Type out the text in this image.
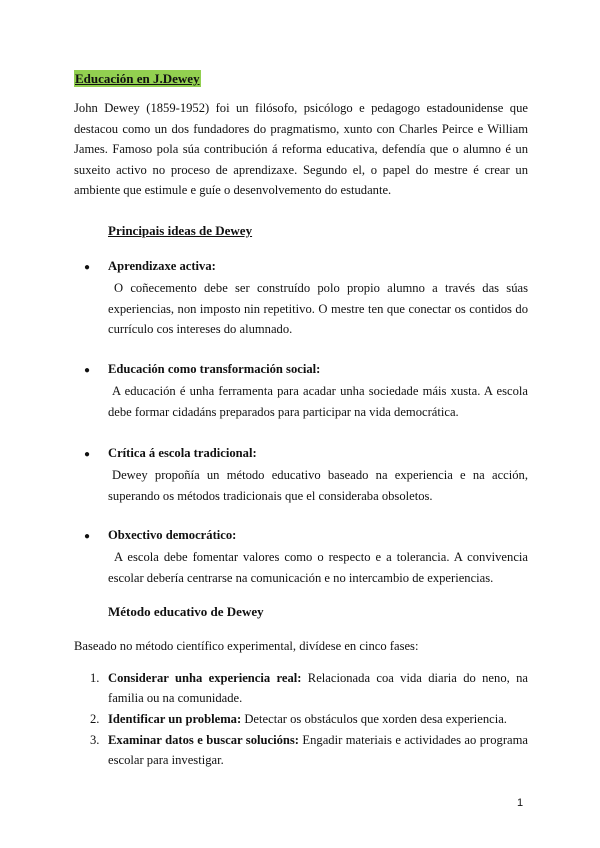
Educación en J.Dewey

John Dewey (1859-1952) foi un filósofo, psicólogo e pedagogo estadounidense que destacou como un dos fundadores do pragmatismo, xunto con Charles Peirce e William James. Famoso pola súa contribución á reforma educativa, defendía que o alumno é un suxeito activo no proceso de aprendizaxe. Segundo el, o papel do mestre é crear un ambiente que estimule e guíe o desenvolvemento do estudante.

Principais ideas de Dewey
● Aprendizaxe activa:

O coñecemento debe ser construído polo propio alumno a través das súas experiencias, non imposto nin repetitivo. O mestre ten que conectar os contidos do currículo cos intereses do alumnado.

● Educación como transformación social:

A educación é unha ferramenta para acadar unha sociedade máis xusta. A escola debe formar cidadáns preparados para participar na vida democrática.

● Crítica á escola tradicional:

Dewey propoñía un método educativo baseado na experiencia e na acción, superando os métodos tradicionais que el consideraba obsoletos.

● Obxectivo democrático:

A escola debe fomentar valores como o respecto e a tolerancia. A convivencia escolar debería centrarse na comunicación e no intercambio de experiencias.

Método educativo de Dewey
Baseado no método científico experimental, divídese en cinco fases:
1. Considerar unha experiencia real: Relacionada coa vida diaria do neno, na familia ou na comunidade.

2. Identificar un problema: Detectar os obstáculos que xorden desa experiencia.

3. Examinar datos e buscar solucións: Engadir materiais e actividades ao programa escolar para investigar.

1
